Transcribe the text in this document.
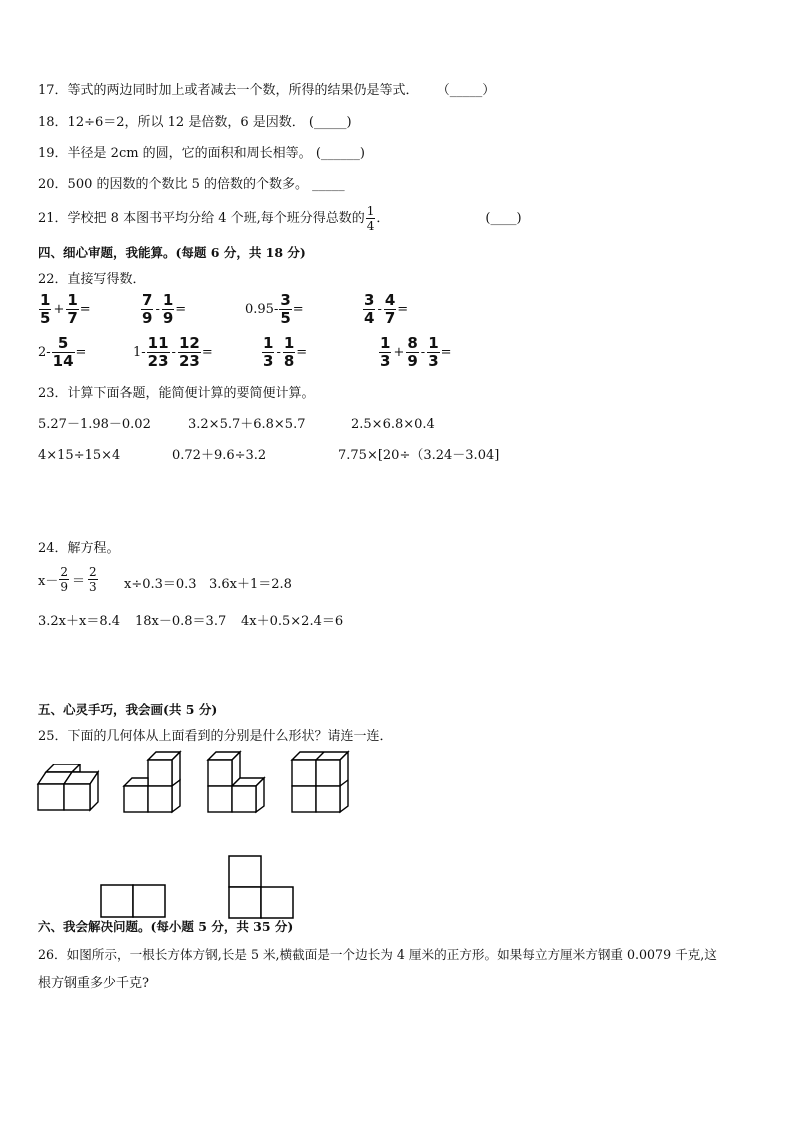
17．等式的两边同时加上或者减去一个数，所得的结果仍是等式． （_____）
18．12÷6＝2，所以 12 是倍数，6 是因数． (_____)
19．半径是 2cm 的圆，它的面积和周长相等。 (______)
20．500 的因数的个数比 5 的倍数的个数多。 _____
21．学校把 8 本图书平均分给 4 个班,每个班分得总数的 $\frac{1}{4}$ ．	(____)
四、细心审题，我能算。(每题 6 分，共 18 分)
22．直接写得数．
$\frac{1}{5} + \frac{1}{7}$ =	$\frac{7}{9} - \frac{1}{9}$ =	$0.95- \frac{3}{5}$ =	$\frac{3}{4} - \frac{4}{7}$ =
$2- \frac{5}{14}$ =	$1- \frac{11}{23} - \frac{12}{23}$ =	$\frac{1}{3} - \frac{1}{8}$ =	$\frac{1}{3} + \frac{8}{9} - \frac{1}{3}$ =
23．计算下面各题，能简便计算的要简便计算。
5.27－1.98－0.02	3.2×5.7＋6.8×5.7	2.5×6.8×0.4
4×15÷15×4	0.72＋9.6÷3.2	7.75×[20÷（3.24－3.04]
24．解方程。
$x- \frac{2}{9} = \frac{2}{3} x\div 0.3=0.3$ 3.6x＋1＝2.8
3.2x＋x＝8.4 18x－0.8＝3.7 4x＋0.5×2.4＝6
五、心灵手巧，我会画(共 5 分)
25．下面的几何体从上面看到的分别是什么形状？请连一连．
六、我会解决问题。(每小题 5 分，共 35 分)
26．如图所示，一根长方体方钢,长是 5 米,横截面是一个边长为 4 厘米的正方形。如果每立方厘米方钢重 0.0079 千克,这
根方钢重多少千克?
